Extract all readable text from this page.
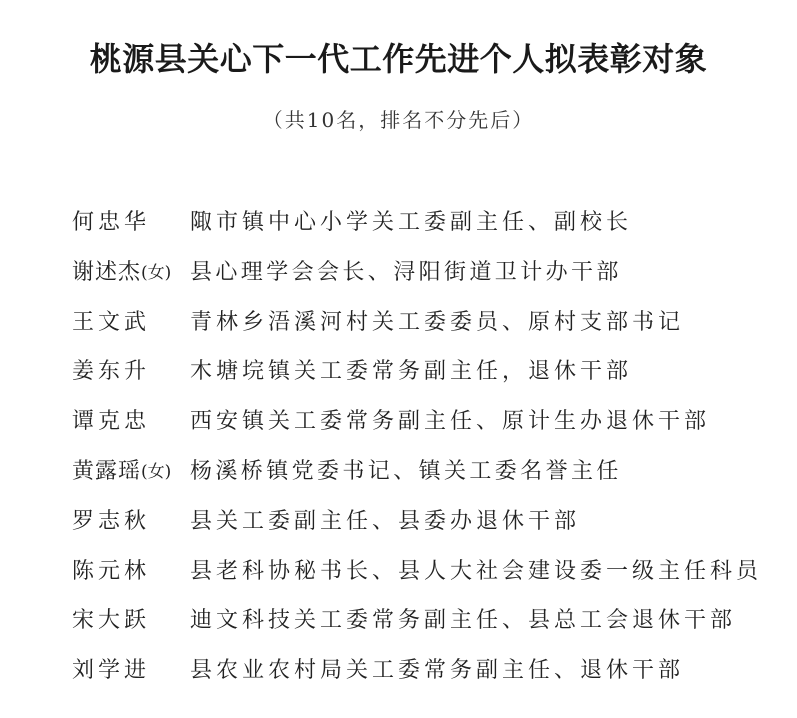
桃源县关心下一代工作先进个人拟表彰对象
（共10名，排名不分先后）
何忠华 陬市镇中心小学关工委副主任、副校长
谢述杰(女) 县心理学会会长、浔阳街道卫计办干部
王文武 青林乡浯溪河村关工委委员、原村支部书记
姜东升 木塘垸镇关工委常务副主任，退休干部
谭克忠 西安镇关工委常务副主任、原计生办退休干部
黄露瑶(女) 杨溪桥镇党委书记、镇关工委名誉主任
罗志秋 县关工委副主任、县委办退休干部
陈元林 县老科协秘书长、县人大社会建设委一级主任科员
宋大跃 迪文科技关工委常务副主任、县总工会退休干部
刘学进 县农业农村局关工委常务副主任、退休干部
